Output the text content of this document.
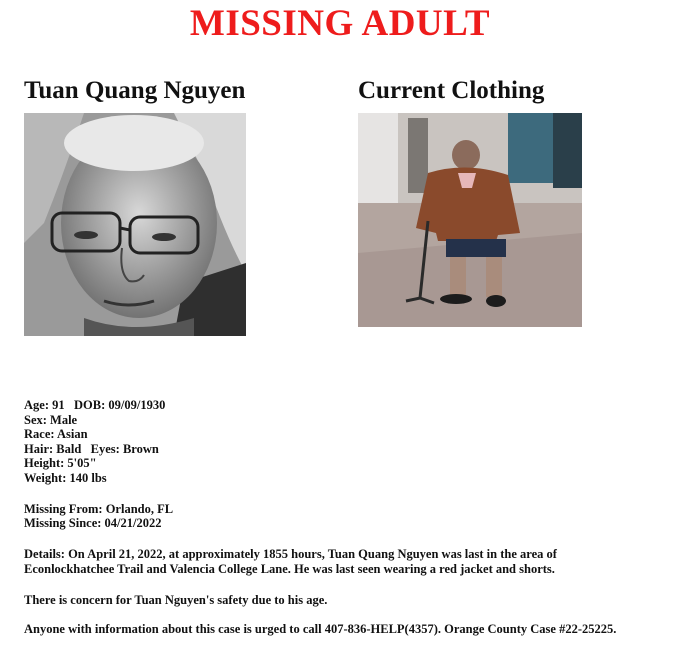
MISSING ADULT
Tuan Quang Nguyen	Current Clothing
Age: 91 DOB: 09/09/1930
Sex: Male
Race: Asian
Hair: Bald Eyes: Brown
Height: 5'05"
Weight: 140 lbs
Missing From: Orlando, FL
Missing Since: 04/21/2022
Details: On April 21, 2022, at approximately 1855 hours, Tuan Quang Nguyen was last in the area of
Econlockhatchee Trail and Valencia College Lane. He was last seen wearing a red jacket and shorts.
There is concern for Tuan Nguyen's safety due to his age.
Anyone with information about this case is urged to call 407-836-HELP(4357). Orange County Case #22-25225.
